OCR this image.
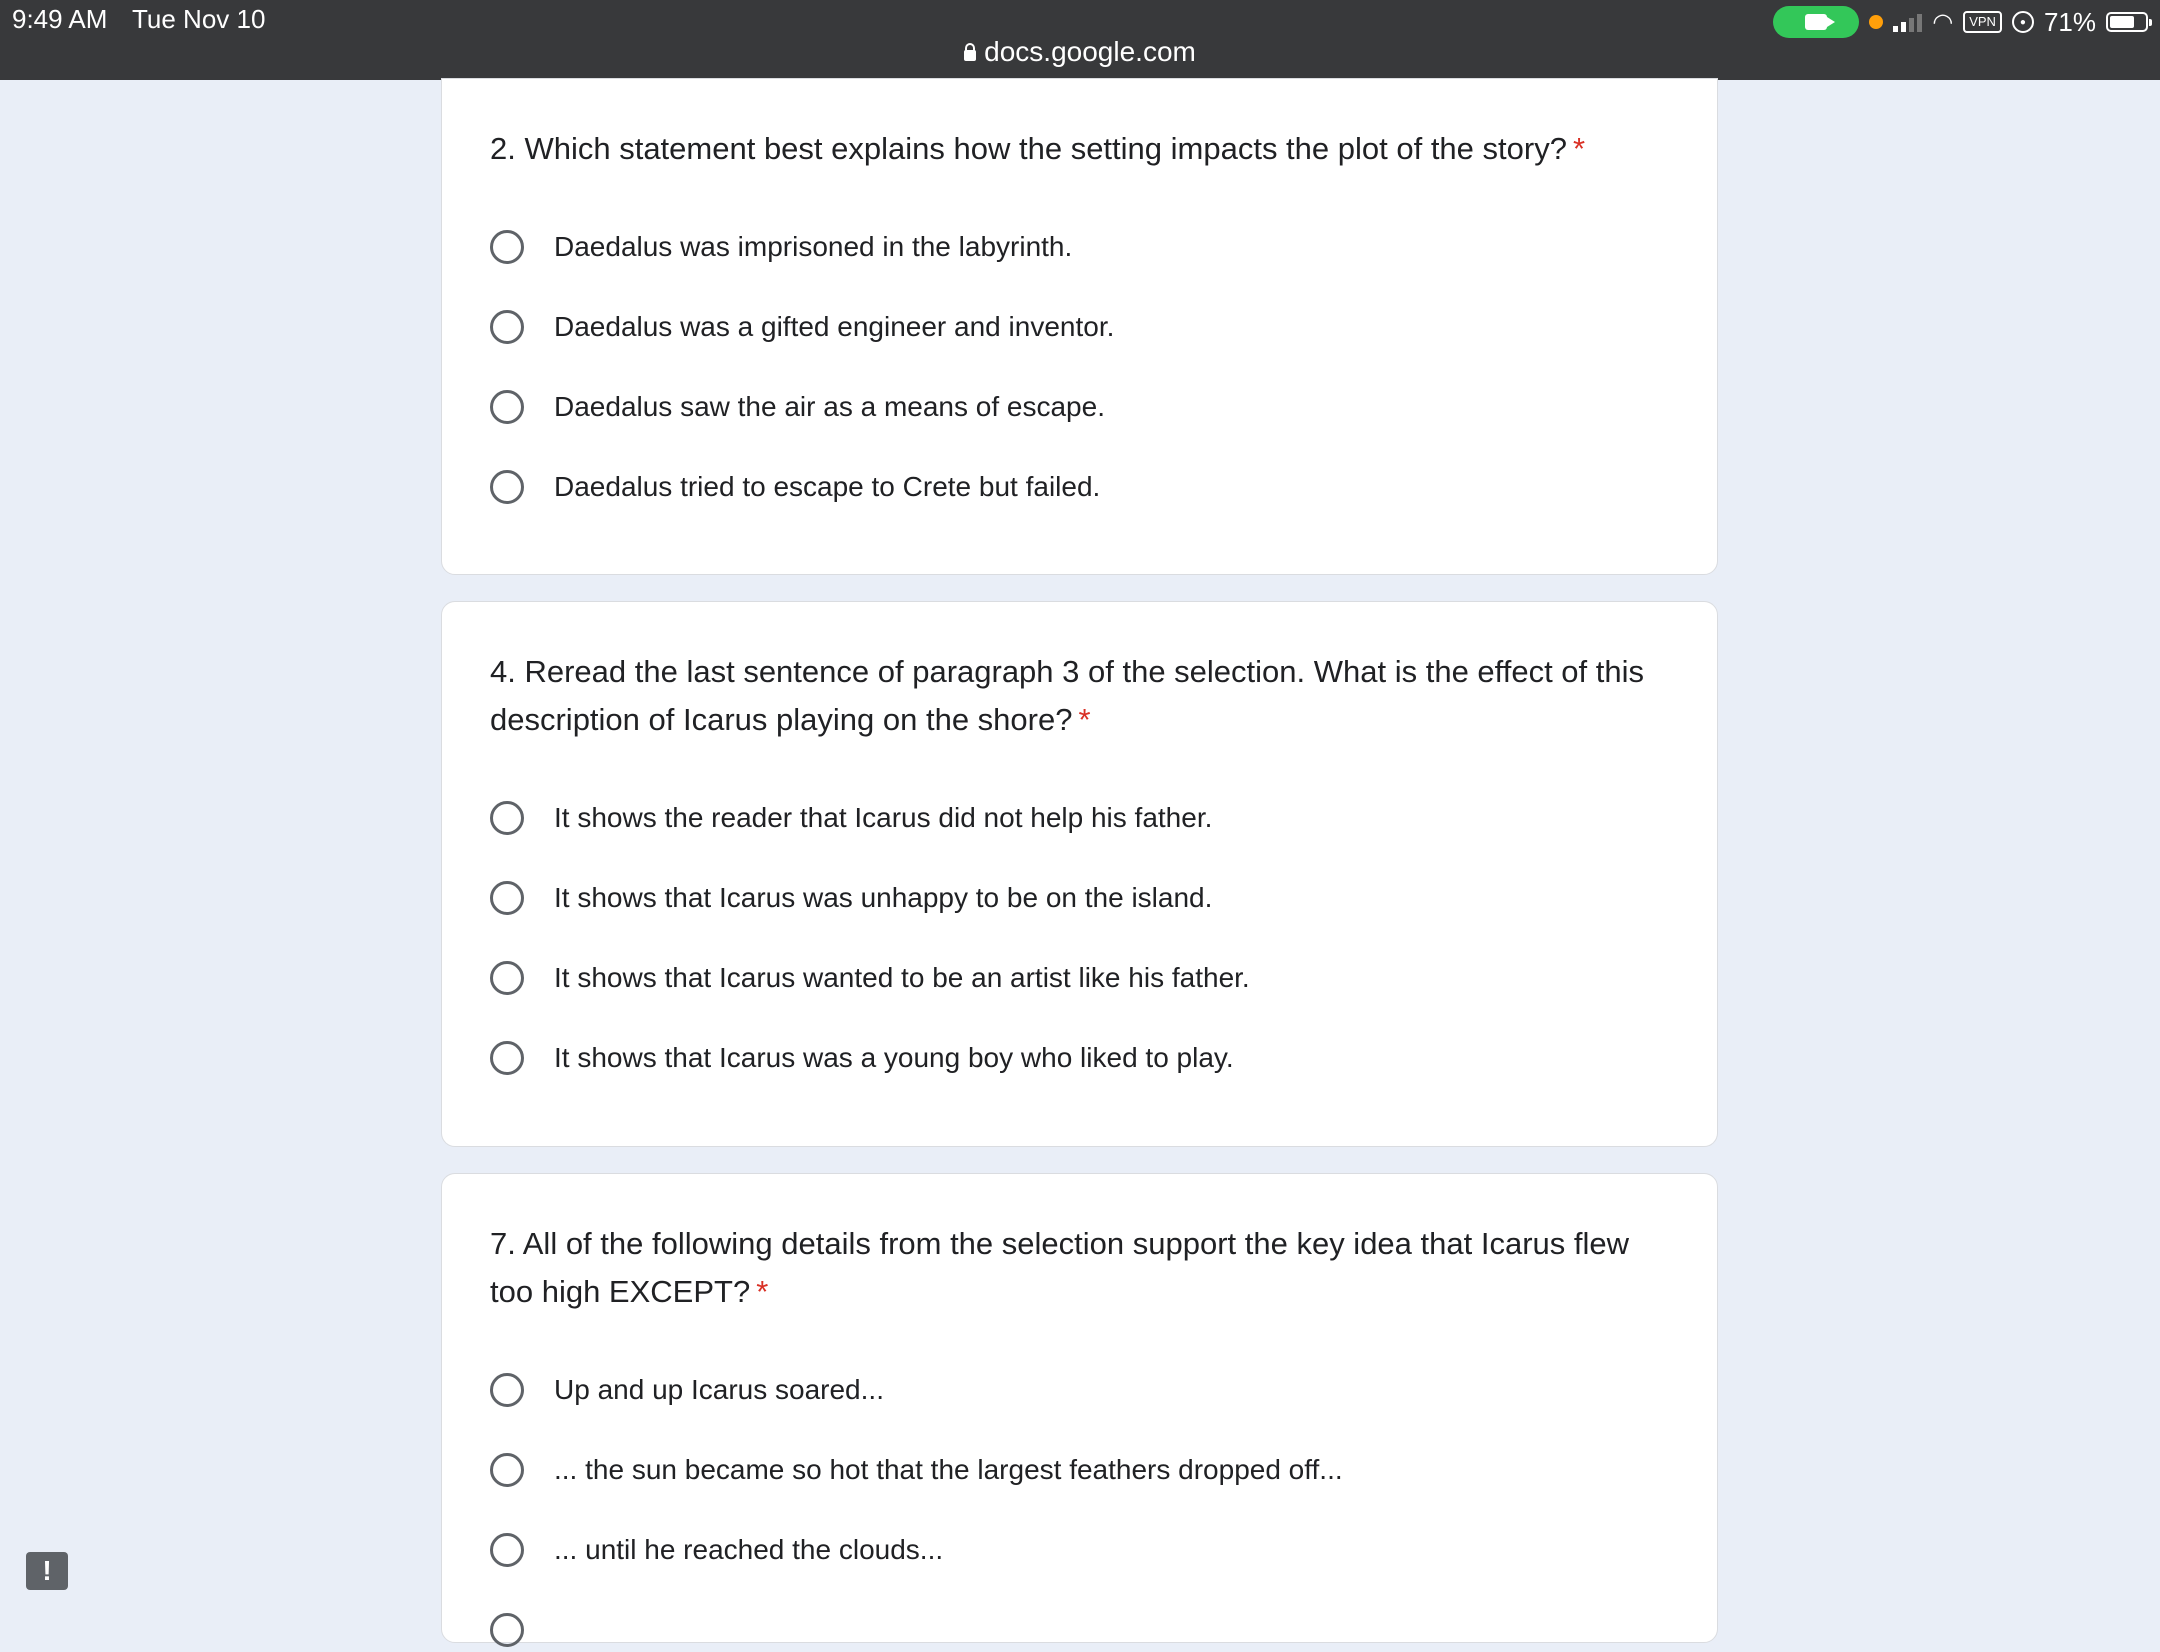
9:49 AM Tue Nov 10
docs.google.com
◠	VPN	● 71%
2. Which statement best explains how the setting impacts the plot of the story? *
Daedalus was imprisoned in the labyrinth.
Daedalus was a gifted engineer and inventor.
Daedalus saw the air as a means of escape.
Daedalus tried to escape to Crete but failed.
4. Reread the last sentence of paragraph 3 of the selection. What is the effect of this description of Icarus playing on the shore? *
It shows the reader that Icarus did not help his father.
It shows that Icarus was unhappy to be on the island.
It shows that Icarus wanted to be an artist like his father.
It shows that Icarus was a young boy who liked to play.
7. All of the following details from the selection support the key idea that Icarus flew too high EXCEPT? *
Up and up Icarus soared...
... the sun became so hot that the largest feathers dropped off...
... until he reached the clouds...
!
